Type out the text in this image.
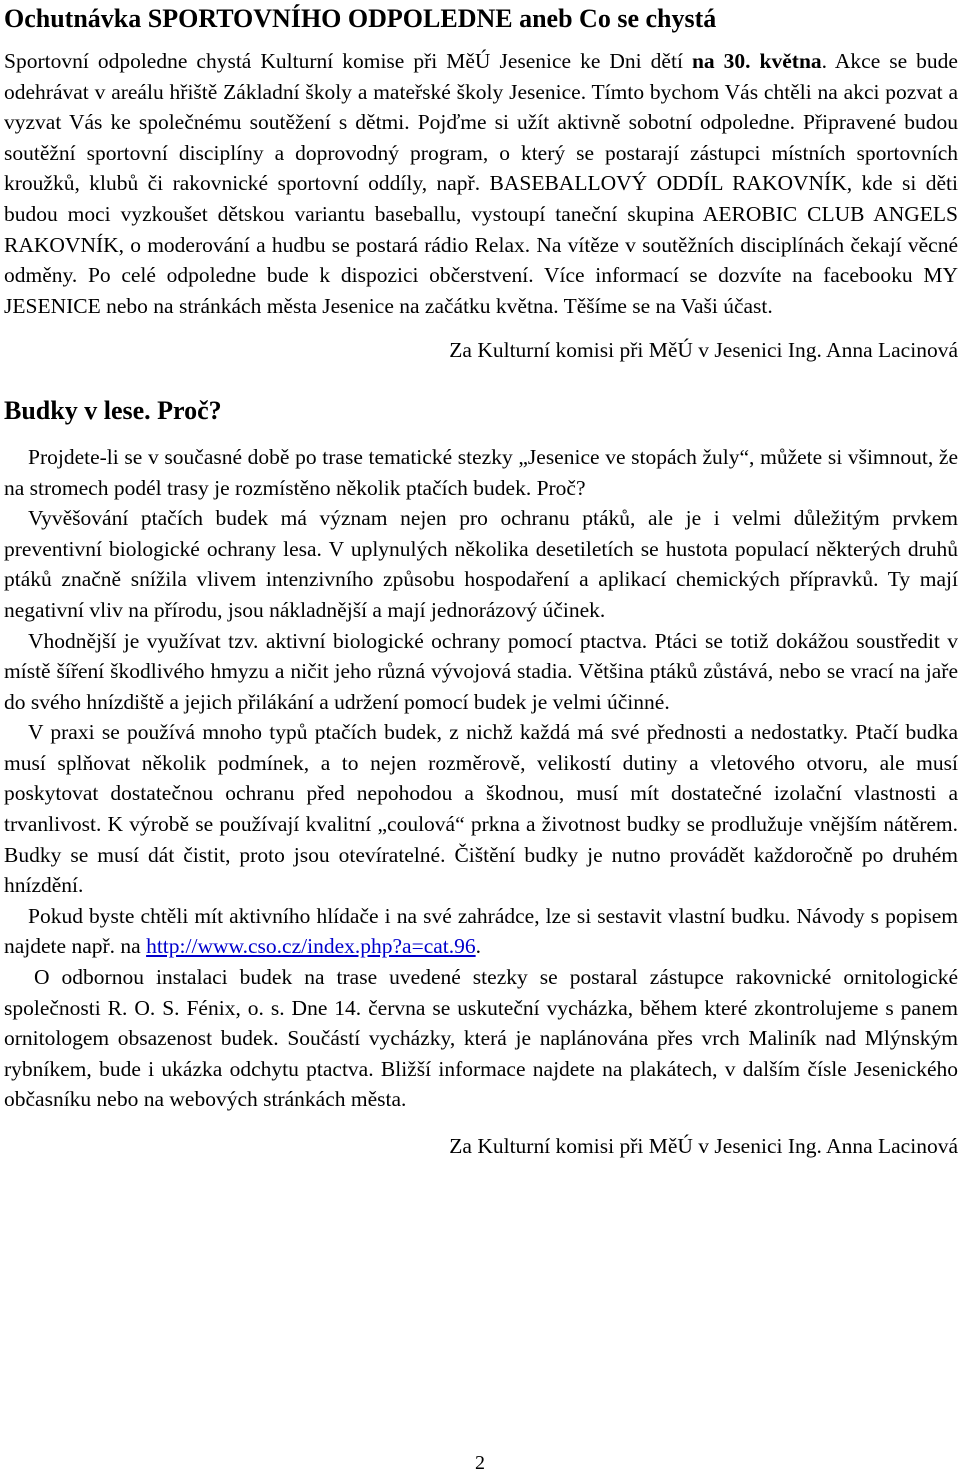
Ochutnávka SPORTOVNÍHO ODPOLEDNE aneb Co se chystá

Sportovní odpoledne chystá Kulturní komise při MěÚ Jesenice ke Dni dětí na 30. května. Akce se bude odehrávat v areálu hřiště Základní školy a mateřské školy Jesenice. Tímto bychom Vás chtěli na akci pozvat a vyzvat Vás ke společnému soutěžení s dětmi. Pojďme si užít aktivně sobotní odpoledne. Připravené budou soutěžní sportovní disciplíny a doprovodný program, o který se postarají zástupci místních sportovních kroužků, klubů či rakovnické sportovní oddíly, např. BASEBALLOVÝ ODDÍL RAKOVNÍK, kde si děti budou moci vyzkoušet dětskou variantu baseballu, vystoupí taneční skupina AEROBIC CLUB ANGELS RAKOVNÍK, o moderování a hudbu se postará rádio Relax. Na vítěze v soutěžních disciplínách čekají věcné odměny. Po celé odpoledne bude k dispozici občerstvení. Více informací se dozvíte na facebooku MY JESENICE nebo na stránkách města Jesenice na začátku května. Těšíme se na Vaši účast.

Za Kulturní komisi při MěÚ v Jesenici Ing. Anna Lacinová
Budky v lese. Proč?

Projdete-li se v současné době po trase tematické stezky „Jesenice ve stopách žuly“, můžete si všimnout, že na stromech podél trasy je rozmístěno několik ptačích budek. Proč?

Vyvěšování ptačích budek má význam nejen pro ochranu ptáků, ale je i velmi důležitým prvkem preventivní biologické ochrany lesa. V uplynulých několika desetiletích se hustota populací některých druhů ptáků značně snížila vlivem intenzivního způsobu hospodaření a aplikací chemických přípravků. Ty mají negativní vliv na přírodu, jsou nákladnější a mají jednorázový účinek.

Vhodnější je využívat tzv. aktivní biologické ochrany pomocí ptactva. Ptáci se totiž dokážou soustředit v místě šíření škodlivého hmyzu a ničit jeho různá vývojová stadia. Většina ptáků zůstává, nebo se vrací na jaře do svého hnízdiště a jejich přilákání a udržení pomocí budek je velmi účinné.

V praxi se používá mnoho typů ptačích budek, z nichž každá má své přednosti a nedostatky. Ptačí budka musí splňovat několik podmínek, a to nejen rozměrově, velikostí dutiny a vletového otvoru, ale musí poskytovat dostatečnou ochranu před nepohodou a škodnou, musí mít dostatečné izolační vlastnosti a trvanlivost. K výrobě se používají kvalitní „coulová“ prkna a životnost budky se prodlužuje vnějším nátěrem. Budky se musí dát čistit, proto jsou otevíratelné. Čištění budky je nutno provádět každoročně po druhém hnízdění.

Pokud byste chtěli mít aktivního hlídače i na své zahrádce, lze si sestavit vlastní budku. Návody s popisem najdete např. na http://www.cso.cz/index.php?a=cat.96.

O odbornou instalaci budek na trase uvedené stezky se postaral zástupce rakovnické ornitologické společnosti R. O. S. Fénix, o. s. Dne 14. června se uskuteční vycházka, během které zkontrolujeme s panem ornitologem obsazenost budek. Součástí vycházky, která je naplánována přes vrch Maliník nad Mlýnským rybníkem, bude i ukázka odchytu ptactva. Bližší informace najdete na plakátech, v dalším čísle Jesenického občasníku nebo na webových stránkách města.

Za Kulturní komisi při MěÚ v Jesenici Ing. Anna Lacinová
2
